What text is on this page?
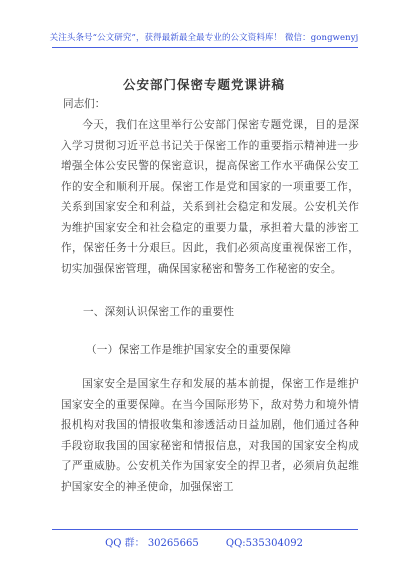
关注头条号“公文研究”，获得最新最全最专业的公文资料库！ 微信：gongwenyj
公安部门保密专题党课讲稿
同志们：

今天，我们在这里举行公安部门保密专题党课，目的是深入学习贯彻习近平总书记关于保密工作的重要指示精神进一步增强全体公安民警的保密意识，提高保密工作水平确保公安工作的安全和顺利开展。保密工作是党和国家的一项重要工作，关系到国家安全和利益，关系到社会稳定和发展。公安机关作为维护国家安全和社会稳定的重要力量，承担着大量的涉密工作，保密任务十分艰巨。因此，我们必须高度重视保密工作，切实加强保密管理，确保国家秘密和警务工作秘密的安全。

一、深刻认识保密工作的重要性
（一）保密工作是维护国家安全的重要保障

国家安全是国家生存和发展的基本前提，保密工作是维护国家安全的重要保障。在当今国际形势下，敌对势力和境外情报机构对我国的情报收集和渗透活动日益加剧，他们通过各种手段窃取我国的国家秘密和情报信息，对我国的国家安全构成了严重威胁。公安机关作为国家安全的捍卫者，必须肩负起维护国家安全的神圣使命，加强保密工

QQ 群： 30265665	QQ:535304092
